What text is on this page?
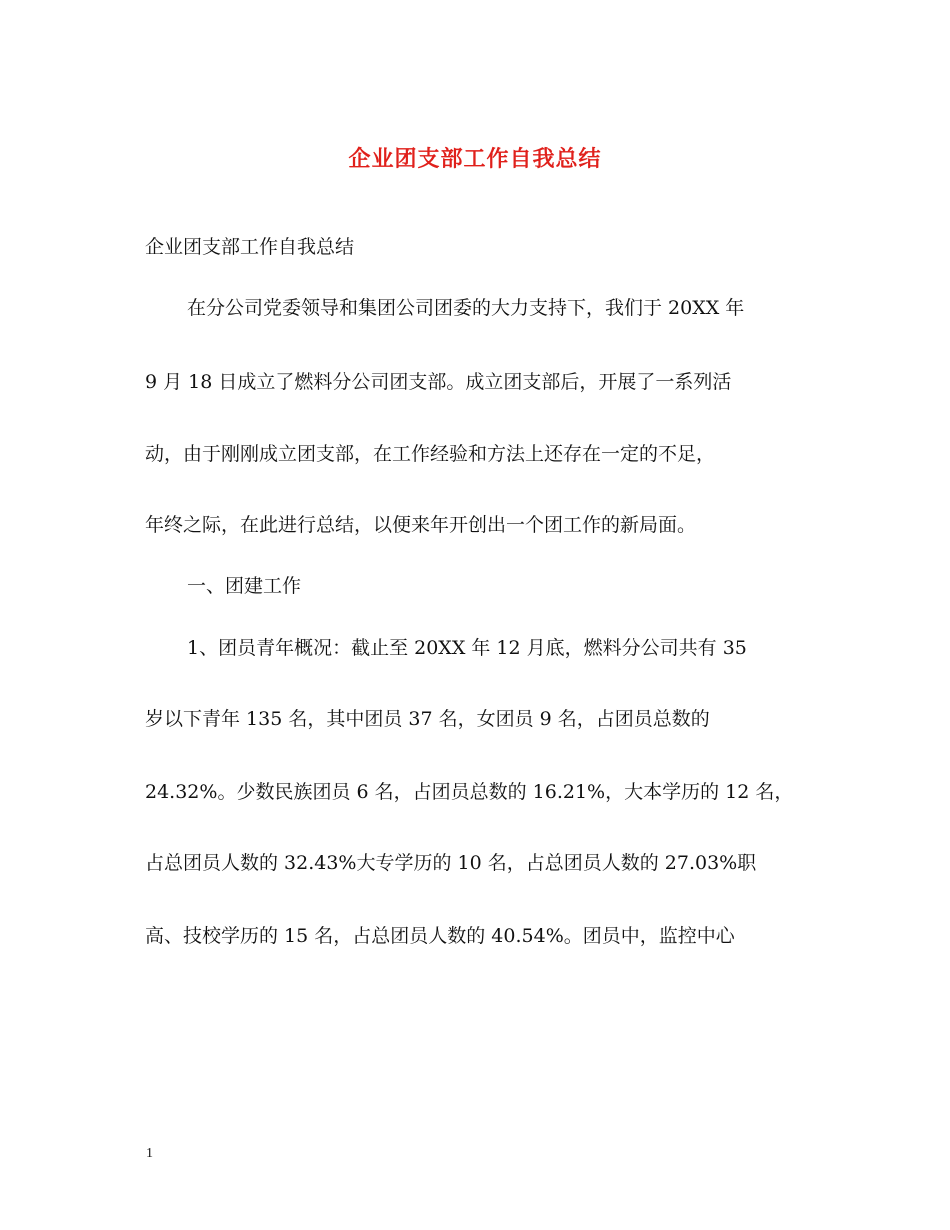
企业团支部工作自我总结
企业团支部工作自我总结
在分公司党委领导和集团公司团委的大力支持下，我们于 20XX 年
9 月 18 日成立了燃料分公司团支部。成立团支部后，开展了一系列活
动，由于刚刚成立团支部，在工作经验和方法上还存在一定的不足，
年终之际，在此进行总结，以便来年开创出一个团工作的新局面。
一、团建工作
1、团员青年概况：截止至 20XX 年 12 月底，燃料分公司共有 35
岁以下青年 135 名，其中团员 37 名，女团员 9 名，占团员总数的
24.32%。少数民族团员 6 名，占团员总数的 16.21%，大本学历的 12 名，
占总团员人数的 32.43%大专学历的 10 名，占总团员人数的 27.03%职
高、技校学历的 15 名，占总团员人数的 40.54%。团员中，监控中心
1
